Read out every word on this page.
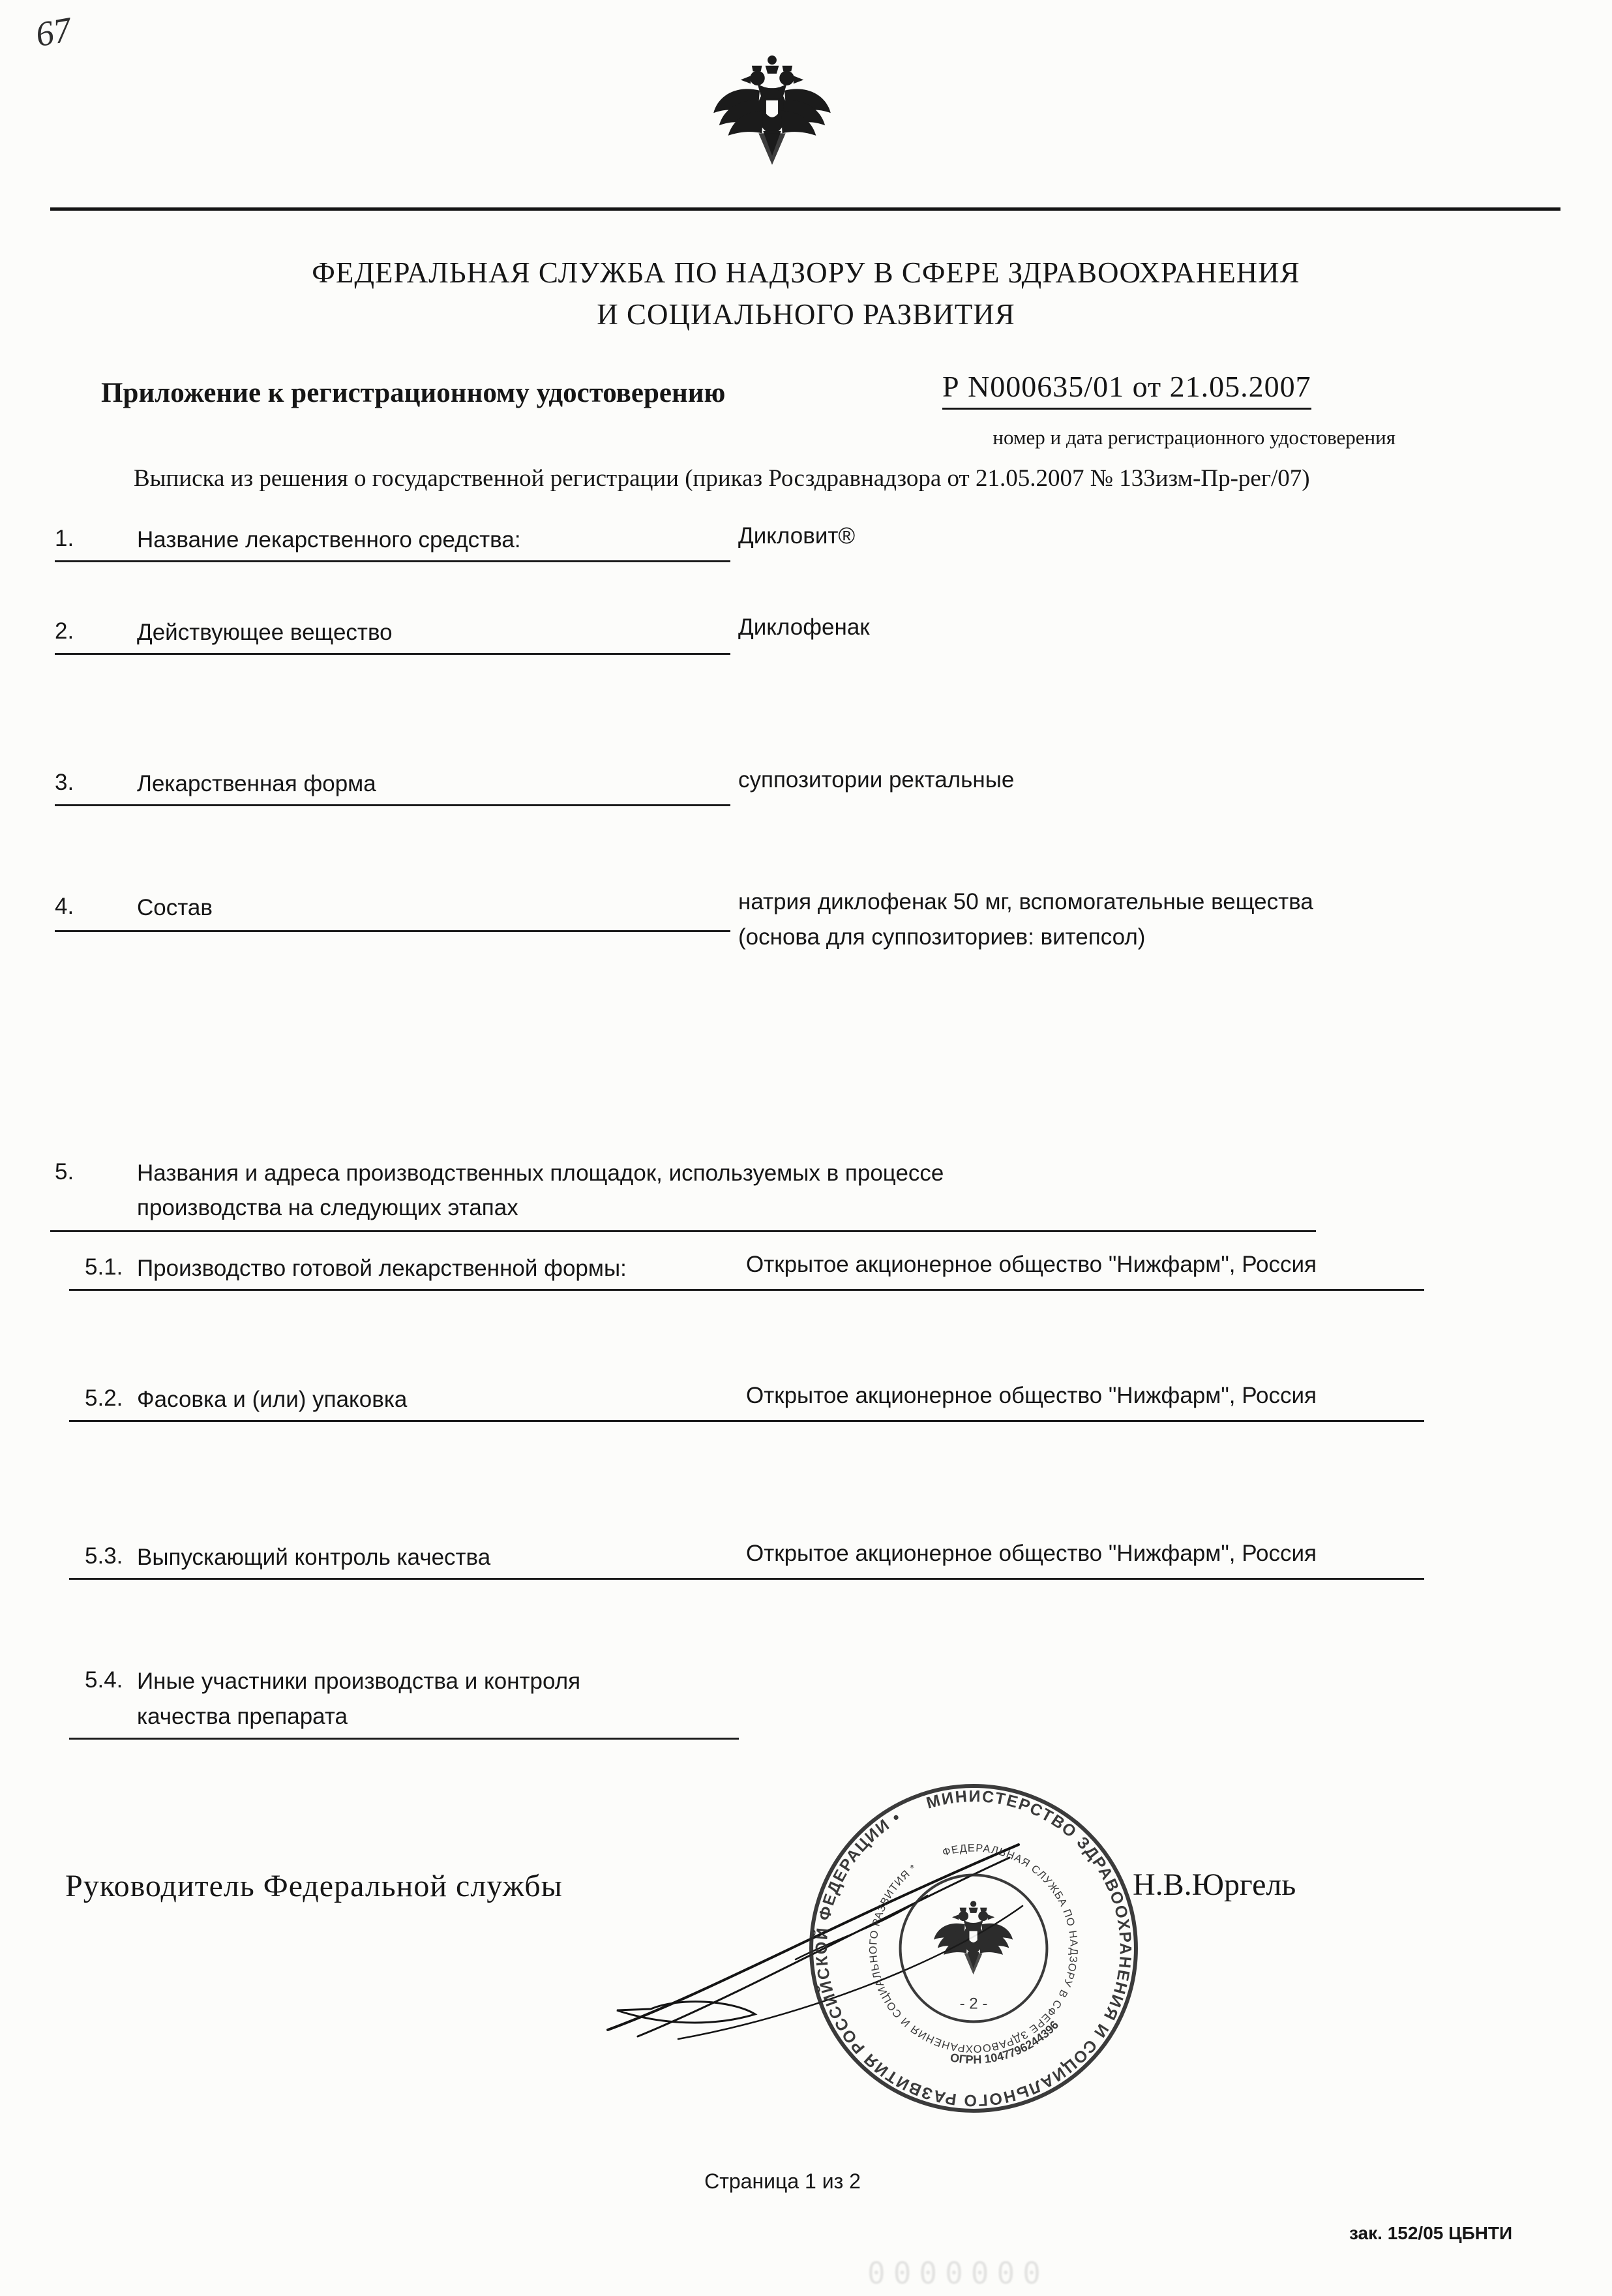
67
ФЕДЕРАЛЬНАЯ СЛУЖБА ПО НАДЗОРУ В СФЕРЕ ЗДРАВООХРАНЕНИЯ
И СОЦИАЛЬНОГО РАЗВИТИЯ
Приложение к регистрационному удостоверению	Р N000635/01 от 21.05.2007
номер и дата регистрационного удостоверения
Выписка из решения о государственной регистрации (приказ Росздравнадзора от 21.05.2007 № 133изм-Пр-рег/07)
1.	Название лекарственного средства:	Дикловит®
2.	Действующее вещество	Диклофенак
3.	Лекарственная форма	суппозитории ректальные
4.	Состав	натрия диклофенак 50 мг, вспомогательные вещества
(основа для суппозиториев: витепсол)
5.	Названия и адреса производственных площадок, используемых в процессе
производства на следующих этапах
5.1. Производство готовой лекарственной формы:	Открытое акционерное общество "Нижфарм", Россия
5.2. Фасовка и (или) упаковка	Открытое акционерное общество "Нижфарм", Россия
5.3. Выпускающий контроль качества	Открытое акционерное общество "Нижфарм", Россия
5.4. Иные участники производства и контроля
качества препарата
Руководитель Федеральной службы	Н.В.Юргель
МИНИСТЕРСТВО ЗДРАВООХРАНЕНИЯ И СОЦИАЛЬНОГО РАЗВИТИЯ РОССИЙСКОЙ ФЕДЕРАЦИИ •
ФЕДЕРАЛЬНАЯ СЛУЖБА ПО НАДЗОРУ В СФЕРЕ ЗДРАВООХРАНЕНИЯ И СОЦИАЛЬНОГО РАЗВИТИЯ *
ОГРН 1047796244396
- 2 -
Страница 1 из 2
зак. 152/05 ЦБНТИ
0000000
